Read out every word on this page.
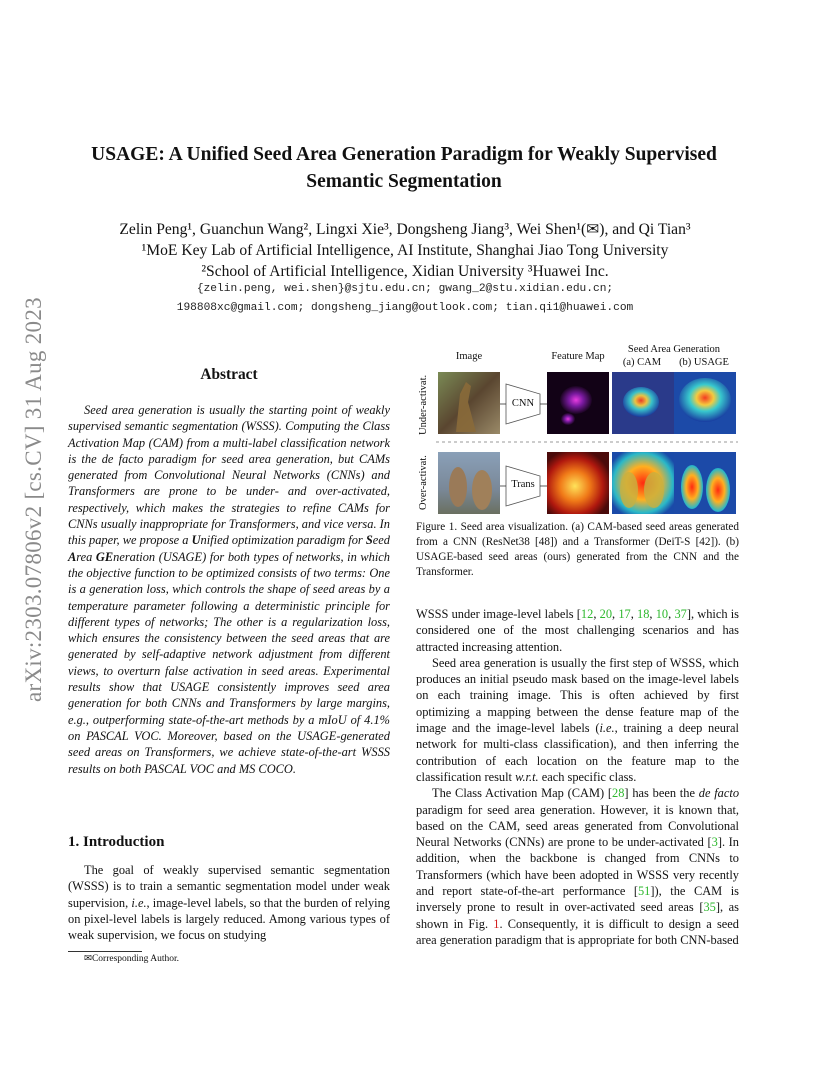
arXiv:2303.07806v2 [cs.CV] 31 Aug 2023
USAGE: A Unified Seed Area Generation Paradigm for Weakly Supervised
Semantic Segmentation
Zelin Peng¹, Guanchun Wang², Lingxi Xie³, Dongsheng Jiang³, Wei Shen¹(✉), and Qi Tian³
¹MoE Key Lab of Artificial Intelligence, AI Institute, Shanghai Jiao Tong University
²School of Artificial Intelligence, Xidian University ³Huawei Inc.
{zelin.peng, wei.shen}@sjtu.edu.cn; gwang_2@stu.xidian.edu.cn;
198808xc@gmail.com; dongsheng_jiang@outlook.com; tian.qi1@huawei.com
Abstract
Seed area generation is usually the starting point of weakly supervised semantic segmentation (WSSS). Computing the Class Activation Map (CAM) from a multi-label classification network is the de facto paradigm for seed area generation, but CAMs generated from Convolutional Neural Networks (CNNs) and Transformers are prone to be under- and over-activated, respectively, which makes the strategies to refine CAMs for CNNs usually inappropriate for Transformers, and vice versa. In this paper, we propose a Unified optimization paradigm for Seed Area GEneration (USAGE) for both types of networks, in which the objective function to be optimized consists of two terms: One is a generation loss, which controls the shape of seed areas by a temperature parameter following a deterministic principle for different types of networks; The other is a regularization loss, which ensures the consistency between the seed areas that are generated by self-adaptive network adjustment from different views, to overturn false activation in seed areas. Experimental results show that USAGE consistently improves seed area generation for both CNNs and Transformers by large margins, e.g., outperforming state-of-the-art methods by a mIoU of 4.1% on PASCAL VOC. Moreover, based on the USAGE-generated seed areas on Transformers, we achieve state-of-the-art WSSS results on both PASCAL VOC and MS COCO.
1. Introduction
The goal of weakly supervised semantic segmentation (WSSS) is to train a semantic segmentation model under weak supervision, i.e., image-level labels, so that the burden of relying on pixel-level labels is largely reduced. Among various types of weak supervision, we focus on studying
✉Corresponding Author.
Image	Feature Map
Seed Area Generation
(a) CAM	(b) USAGE
Under-activat.
Over-activat.
CNN
Trans
Figure 1. Seed area visualization. (a) CAM-based seed areas generated from a CNN (ResNet38 [48]) and a Transformer (DeiT-S [42]). (b) USAGE-based seed areas (ours) generated from the CNN and the Transformer.

WSSS under image-level labels [12, 20, 17, 18, 10, 37], which is considered one of the most challenging scenarios and has attracted increasing attention.

Seed area generation is usually the first step of WSSS, which produces an initial pseudo mask based on the image-level labels on each training image. This is often achieved by first optimizing a mapping between the dense feature map of the image and the image-level labels (i.e., training a deep neural network for multi-class classification), and then inferring the contribution of each location on the feature map to the classification result w.r.t. each specific class.

The Class Activation Map (CAM) [28] has been the de facto paradigm for seed area generation. However, it is known that, based on the CAM, seed areas generated from Convolutional Neural Networks (CNNs) are prone to be under-activated [3]. In addition, when the backbone is changed from CNNs to Transformers (which have been adopted in WSSS very recently and report state-of-the-art performance [51]), the CAM is inversely prone to result in over-activated seed areas [35], as shown in Fig. 1. Consequently, it is difficult to design a seed area generation paradigm that is appropriate for both CNN-based
